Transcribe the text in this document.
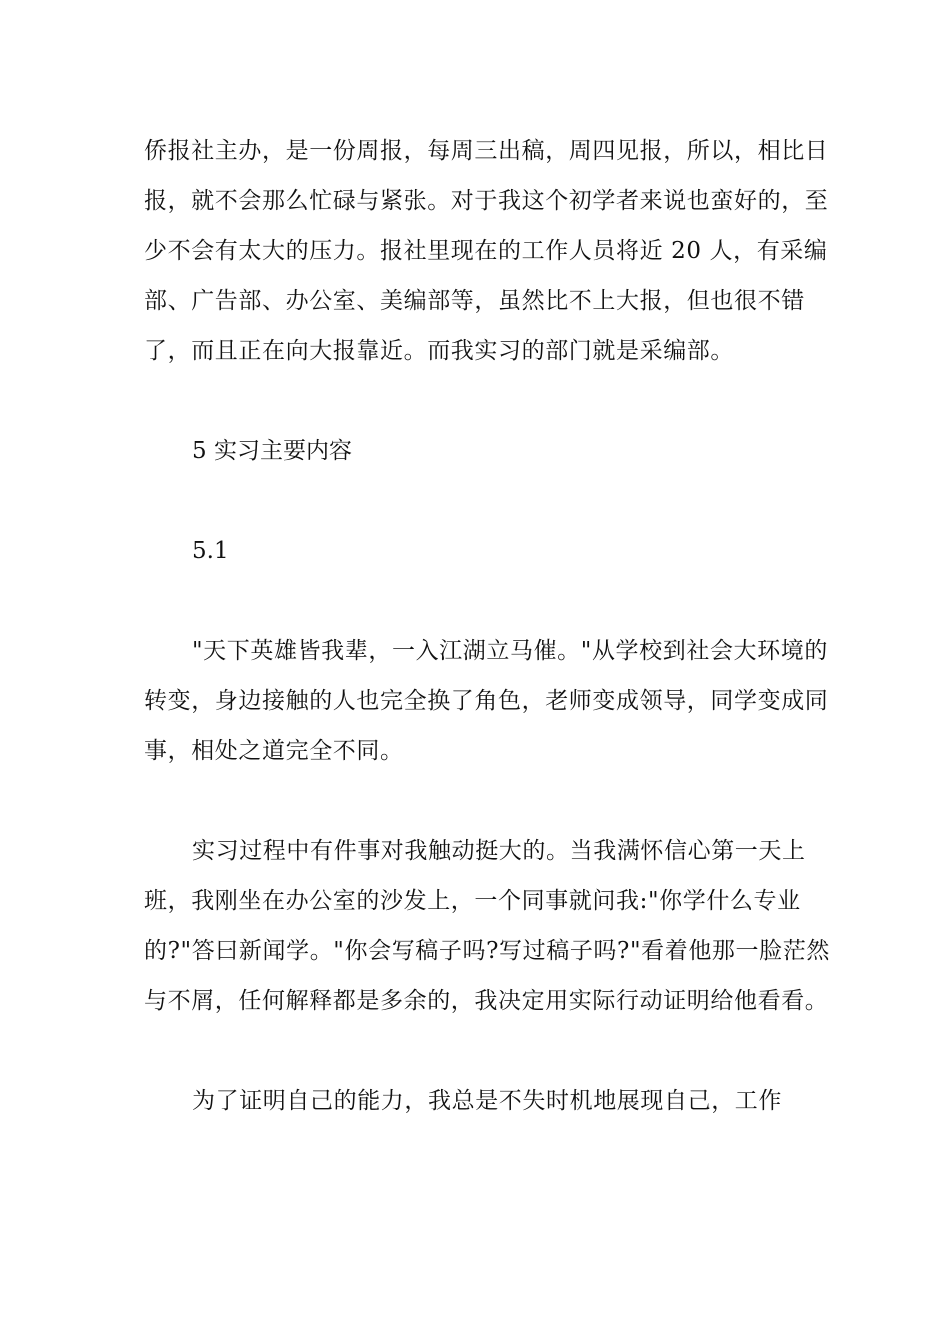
侨报社主办，是一份周报，每周三出稿，周四见报，所以，相比日报，就不会那么忙碌与紧张。对于我这个初学者来说也蛮好的，至少不会有太大的压力。报社里现在的工作人员将近 20 人，有采编部、广告部、办公室、美编部等，虽然比不上大报，但也很不错了，而且正在向大报靠近。而我实习的部门就是采编部。

5 实习主要内容

5.1

"天下英雄皆我辈，一入江湖立马催。"从学校到社会大环境的转变，身边接触的人也完全换了角色，老师变成领导，同学变成同事，相处之道完全不同。

实习过程中有件事对我触动挺大的。当我满怀信心第一天上班，我刚坐在办公室的沙发上，一个同事就问我:"你学什么专业的?"答曰新闻学。"你会写稿子吗?写过稿子吗?"看着他那一脸茫然与不屑，任何解释都是多余的，我决定用实际行动证明给他看看。

为了证明自己的能力，我总是不失时机地展现自己，工作
